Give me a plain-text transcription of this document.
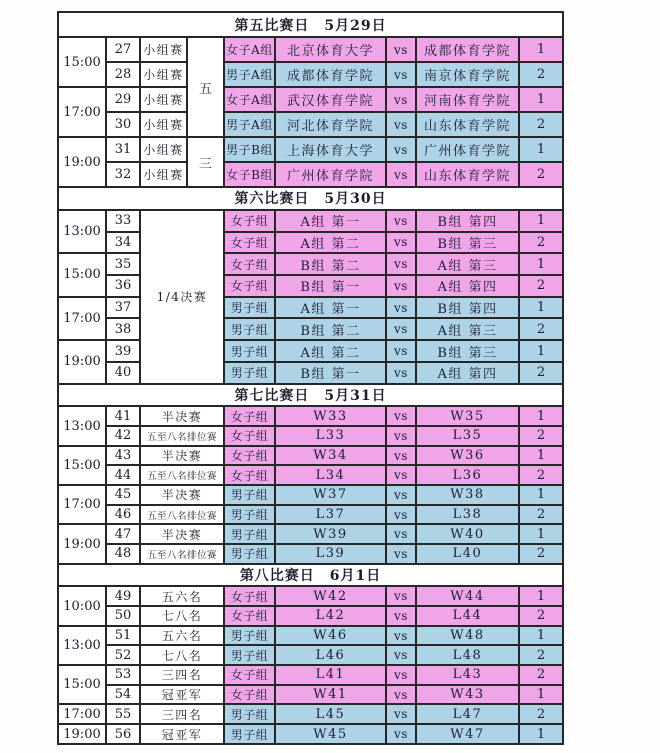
第五比赛日　5月29日								
15:00	27	小组赛	五	女子A组	北京体育大学	vs	成都体育学院	1
	28	小组赛		男子A组	成都体育学院	vs	南京体育学院	2
17:00	29	小组赛		女子A组	武汉体育学院	vs	河南体育学院	1
	30	小组赛		男子A组	河北体育学院	vs	山东体育学院	2
19:00	31	小组赛	三	男子B组	上海体育大学	vs	广州体育学院	1
	32	小组赛		女子B组	广州体育学院	vs	山东体育学院	2
第六比赛日　5月30日								
13:00	33	1/4决赛		女子组	A组 第一	vs	B组 第四	1
	34			女子组	A组 第二	vs	B组 第三	2
15:00	35			女子组	B组 第二	vs	A组 第三	1
	36			女子组	B组 第一	vs	A组 第四	2
17:00	37			男子组	A组 第一	vs	B组 第四	1
	38			男子组	B组 第二	vs	A组 第三	2
19:00	39			男子组	A组 第二	vs	B组 第三	1
	40			男子组	B组 第一	vs	A组 第四	2
第七比赛日　5月31日								
13:00	41	半决赛		女子组	W33	vs	W35	1
	42	五至八名排位赛		女子组	L33	vs	L35	2
15:00	43	半决赛		女子组	W34	vs	W36	1
	44	五至八名排位赛		女子组	L34	vs	L36	2
17:00	45	半决赛		男子组	W37	vs	W38	1
	46	五至八名排位赛		男子组	L37	vs	L38	2
19:00	47	半决赛		男子组	W39	vs	W40	1
	48	五至八名排位赛		男子组	L39	vs	L40	2
第八比赛日　6月1日								
10:00	49	五六名		女子组	W42	vs	W44	1
	50	七八名		女子组	L42	vs	L44	2
13:00	51	五六名		男子组	W46	vs	W48	1
	52	七八名		男子组	L46	vs	L48	2
15:00	53	三四名		女子组	L41	vs	L43	2
	54	冠亚军		女子组	W41	vs	W43	1
17:00	55	三四名		男子组	L45	vs	L47	2
19:00	56	冠亚军		男子组	W45	vs	W47	1
